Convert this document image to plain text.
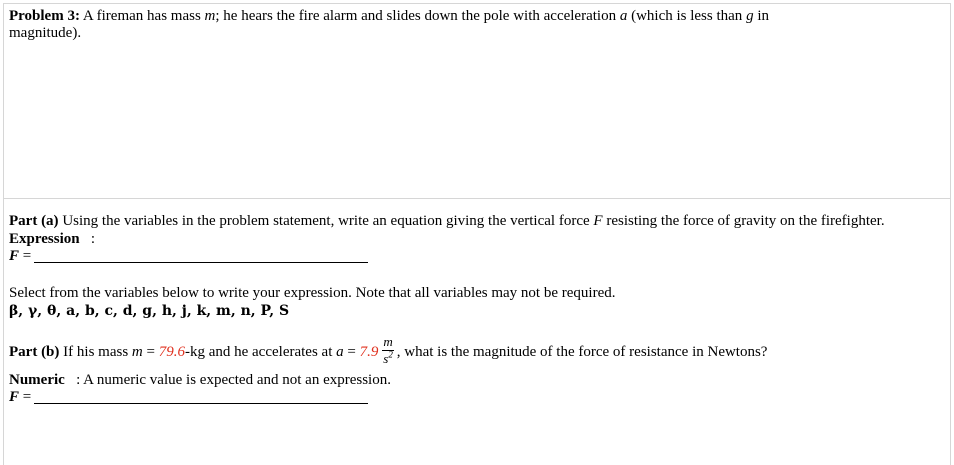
Problem 3: A fireman has mass m; he hears the fire alarm and slides down the pole with acceleration a (which is less than g in
magnitude).
Part (a) Using the variables in the problem statement, write an equation giving the vertical force F resisting the force of gravity on the firefighter.
Expression :
F =
Select from the variables below to write your expression. Note that all variables may not be required.
β, γ, θ, a, b, c, d, g, h, j, k, m, n, P, S
Part (b) If his mass m = 79.6-kg and he accelerates at $a = 7.9 \frac{m}{s^2}$ , what is the magnitude of the force of resistance in Newtons?
Numeric   : A numeric value is expected and not an expression.
F =
